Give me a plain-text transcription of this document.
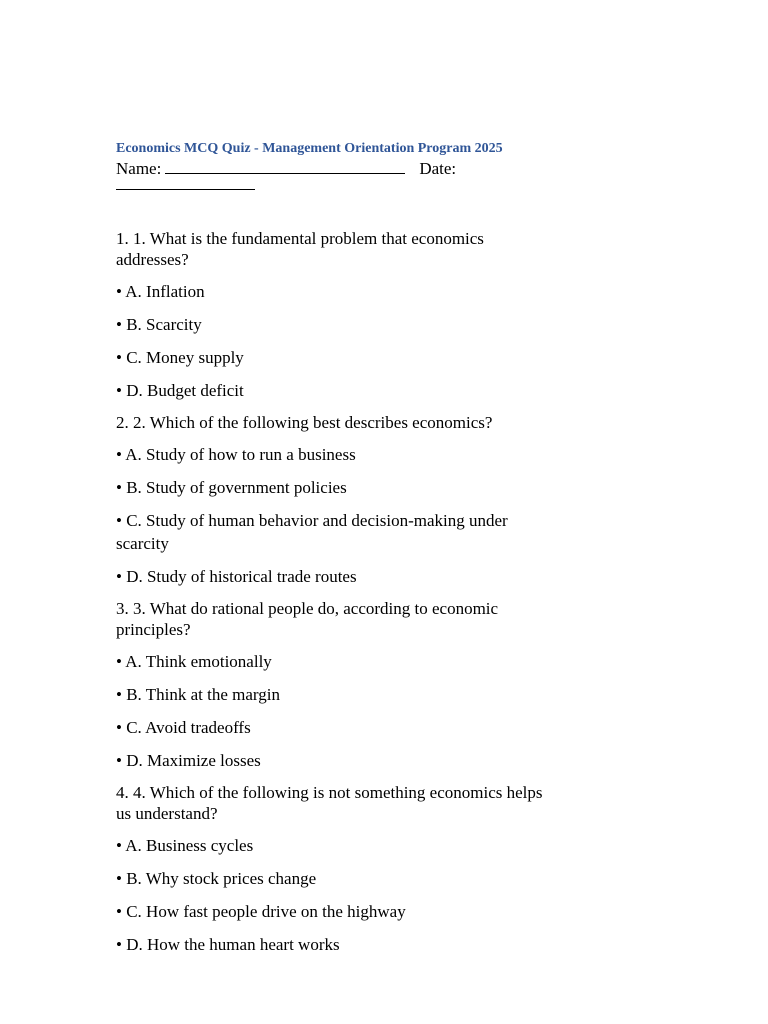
Economics MCQ Quiz - Management Orientation Program 2025

Name:	Date:

1. 1. What is the fundamental problem that economics addresses?

• A. Inflation

• B. Scarcity

• C. Money supply

• D. Budget deficit

2. 2. Which of the following best describes economics?

• A. Study of how to run a business

• B. Study of government policies

• C. Study of human behavior and decision-making under scarcity

• D. Study of historical trade routes

3. 3. What do rational people do, according to economic principles?

• A. Think emotionally

• B. Think at the margin

• C. Avoid tradeoffs

• D. Maximize losses

4. 4. Which of the following is not something economics helps us understand?

• A. Business cycles

• B. Why stock prices change

• C. How fast people drive on the highway

• D. How the human heart works
